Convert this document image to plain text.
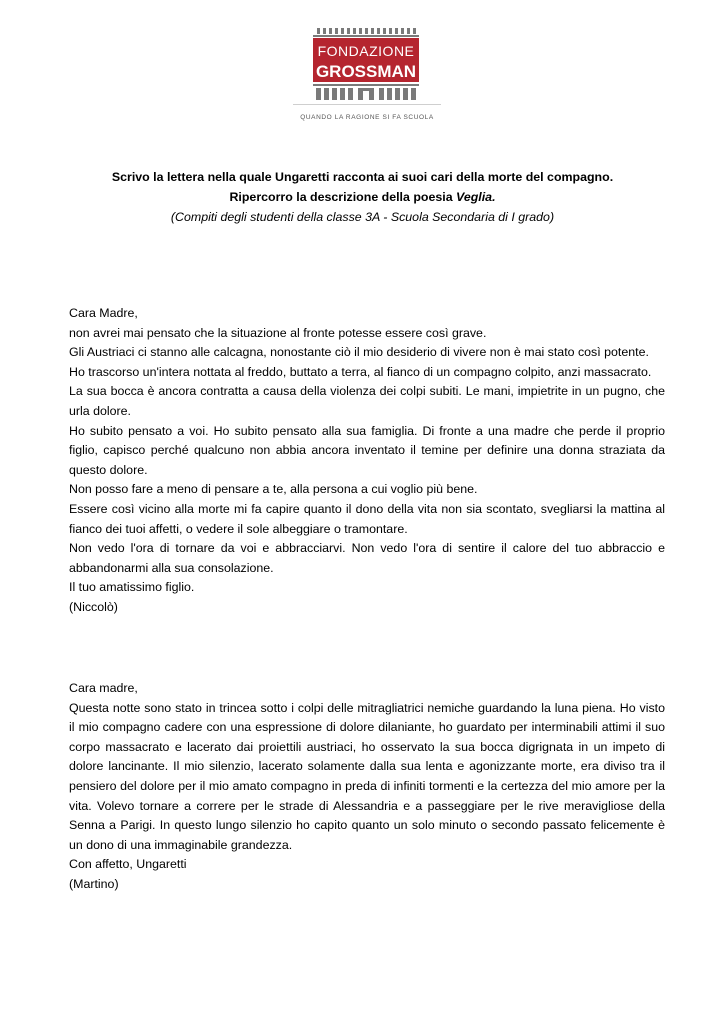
FONDAZIONE
GROSSMAN
QUANDO LA RAGIONE SI FA SCUOLA
Scrivo la lettera nella quale Ungaretti racconta ai suoi cari della morte del compagno.
Ripercorro la descrizione della poesia Veglia.
(Compiti degli studenti della classe 3A - Scuola Secondaria di I grado)

Cara Madre,

non avrei mai pensato che la situazione al fronte potesse essere così grave.

Gli Austriaci ci stanno alle calcagna, nonostante ciò il mio desiderio di vivere non è mai stato così potente.

Ho trascorso un'intera nottata al freddo, buttato a terra, al fianco di un compagno colpito, anzi massacrato.

La sua bocca è ancora contratta a causa della violenza dei colpi subiti. Le mani, impietrite in un pugno, che urla dolore.

Ho subito pensato a voi. Ho subito pensato alla sua famiglia. Di fronte a una madre che perde il proprio figlio, capisco perché qualcuno non abbia ancora inventato il temine per definire una donna straziata da questo dolore.

Non posso fare a meno di pensare a te, alla persona a cui voglio più bene.

Essere così vicino alla morte mi fa capire quanto il dono della vita non sia scontato, svegliarsi la mattina al fianco dei tuoi affetti, o vedere il sole albeggiare o tramontare.

Non vedo l'ora di tornare da voi e abbracciarvi. Non vedo l'ora di sentire il calore del tuo abbraccio e abbandonarmi alla sua consolazione.

Il tuo amatissimo figlio.

(Niccolò)

Cara madre,

Questa notte sono stato in trincea sotto i colpi delle mitragliatrici nemiche guardando la luna piena. Ho visto il mio compagno cadere con una espressione di dolore dilaniante, ho guardato per interminabili attimi il suo corpo massacrato e lacerato dai proiettili austriaci, ho osservato la sua bocca digrignata in un impeto di dolore lancinante. Il mio silenzio, lacerato solamente dalla sua lenta e agonizzante morte, era diviso tra il pensiero del dolore per il mio amato compagno in preda di infiniti tormenti e la certezza del mio amore per la vita. Volevo tornare a correre per le strade di Alessandria e a passeggiare per le rive meravigliose della Senna a Parigi. In questo lungo silenzio ho capito quanto un solo minuto o secondo passato felicemente è un dono di una immaginabile grandezza.

Con affetto, Ungaretti

(Martino)
